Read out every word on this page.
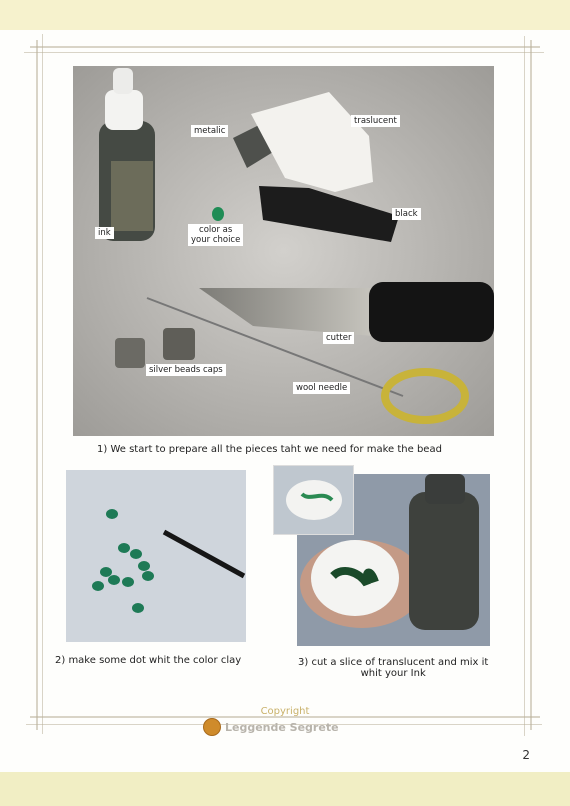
metalic
traslucent
black
ink	color as
your choice
cutter
silver beads caps
wool needle
1) We start to prepare all the pieces taht we need for make the bead
2) make some dot whit the color clay	3) cut a slice of translucent and mix it
whit your Ink
Copyright
Leggende Segrete
2
